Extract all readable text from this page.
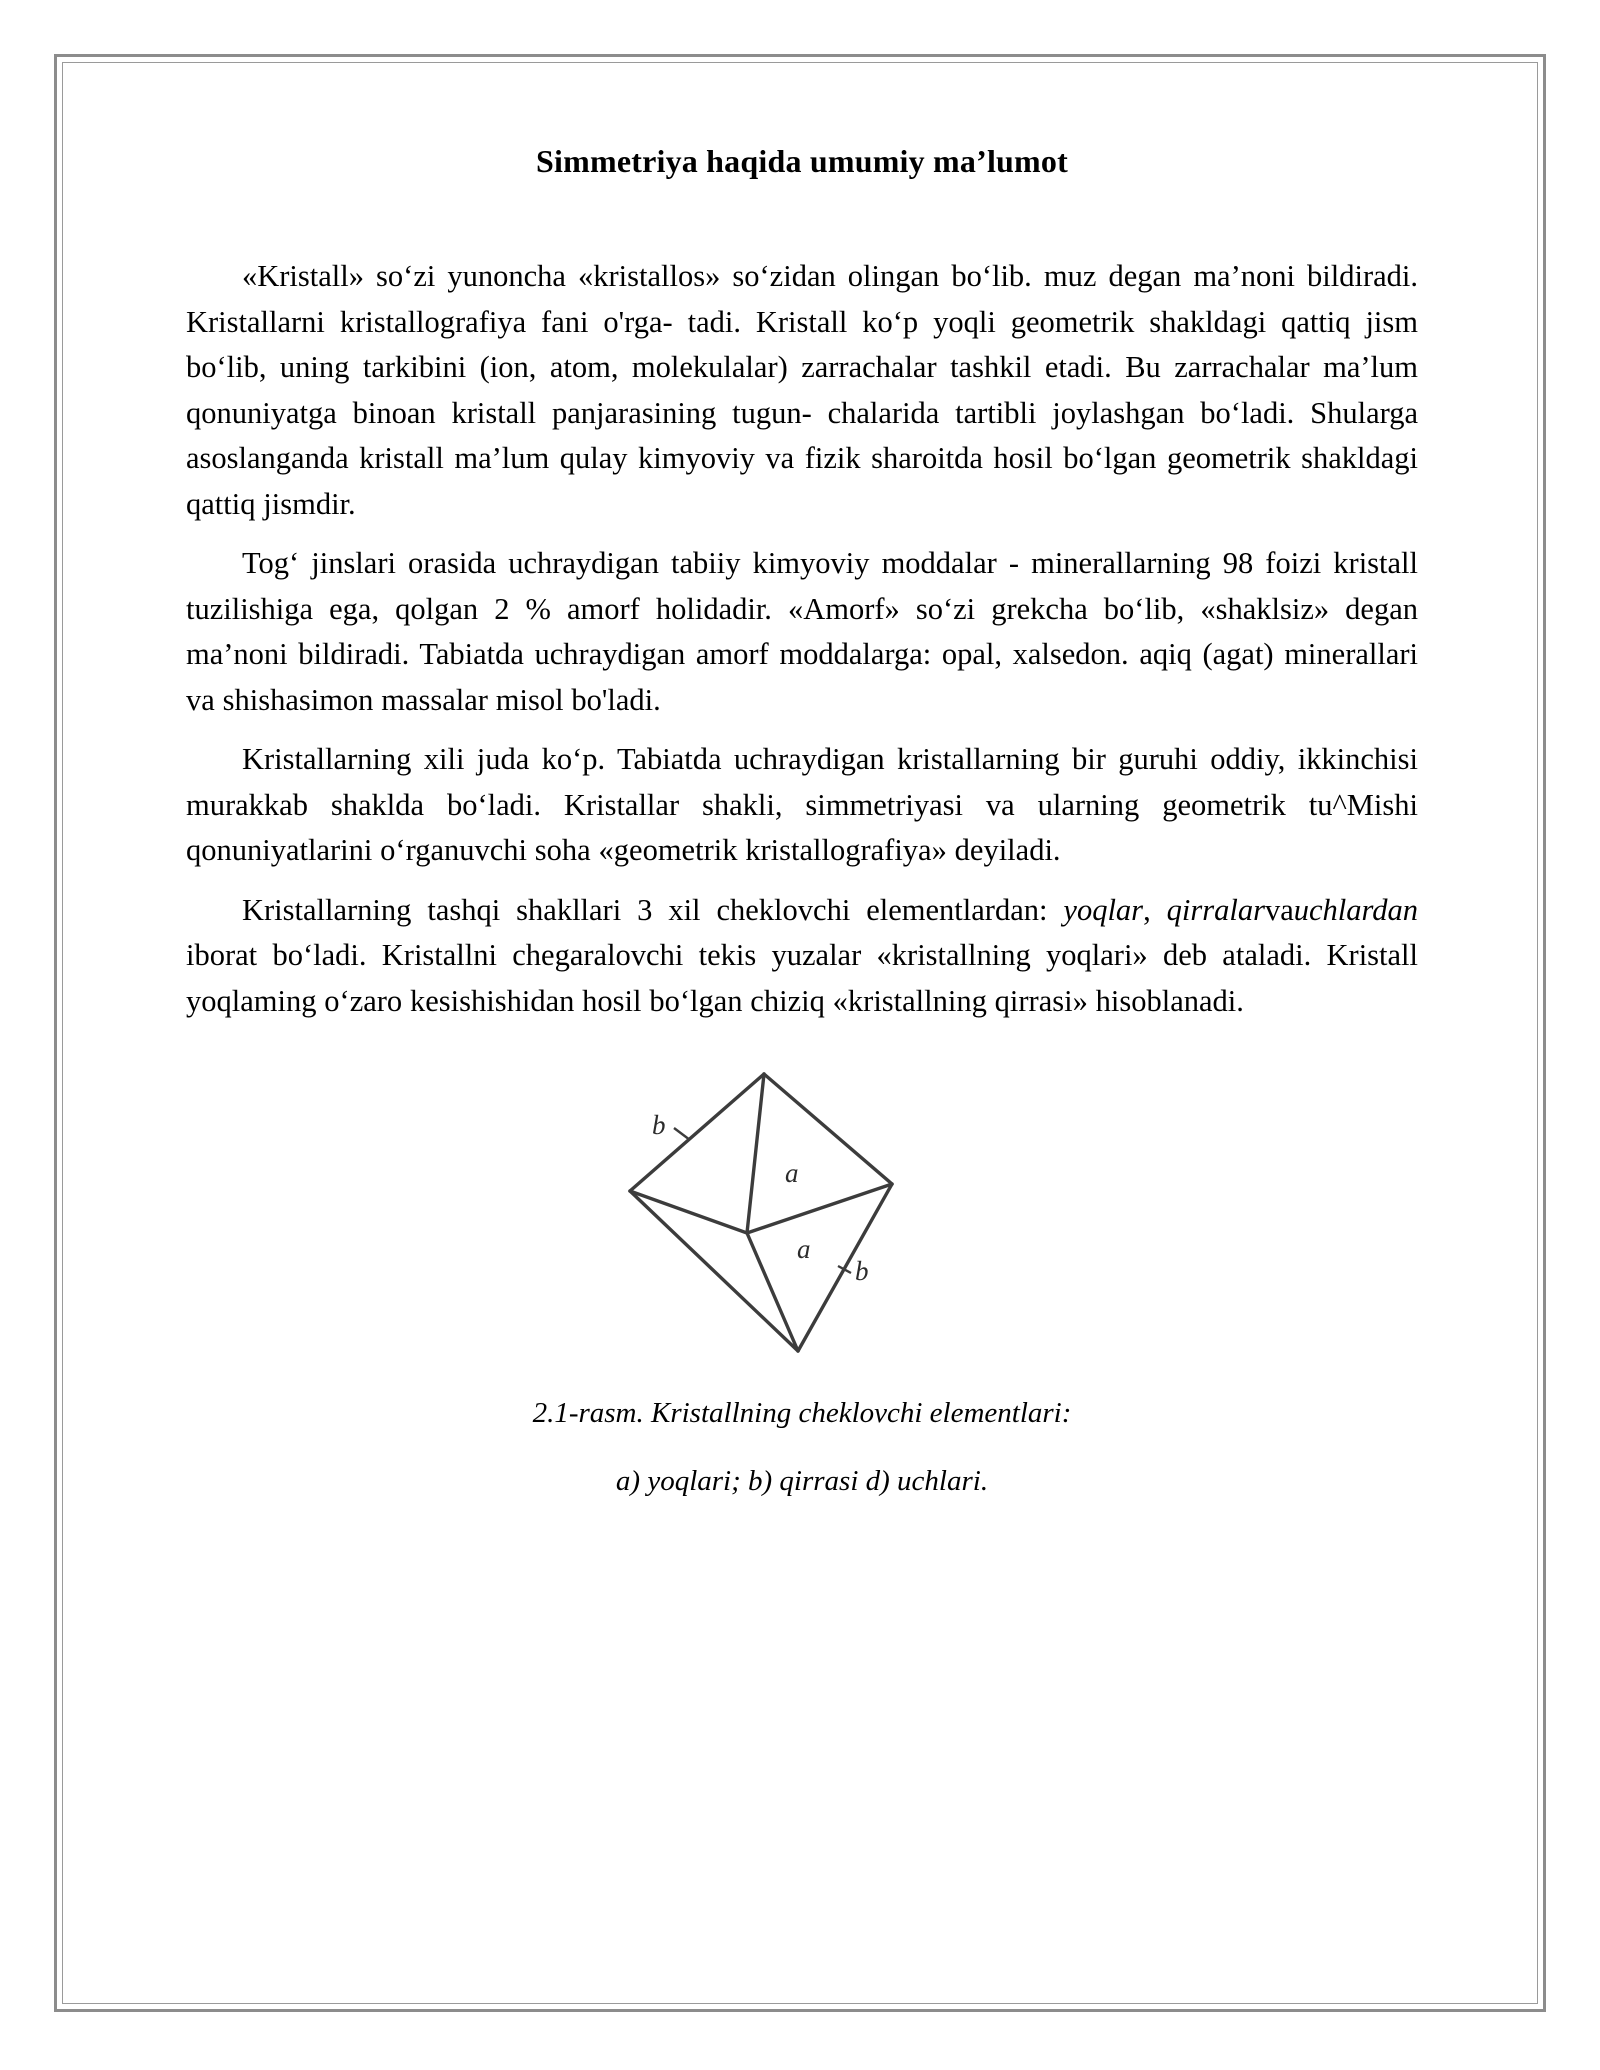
Simmetriya haqida umumiy ma’lumot

«Kristall» so‘zi yunoncha «kristallos» so‘zidan olingan bo‘lib. muz degan ma’noni bildiradi. Kristallarni kristallografiya fani o'rga- tadi. Kristall ko‘p yoqli geometrik shakldagi qattiq jism bo‘lib, uning tarkibini (ion, atom, molekulalar) zarrachalar tashkil etadi. Bu zarrachalar ma’lum qonuniyatga binoan kristall panjarasining tugun- chalarida tartibli joylashgan bo‘ladi. Shularga asoslanganda kristall ma’lum qulay kimyoviy va fizik sharoitda hosil bo‘lgan geometrik shakldagi qattiq jismdir.

Tog‘ jinslari orasida uchraydigan tabiiy kimyoviy moddalar - minerallarning 98 foizi kristall tuzilishiga ega, qolgan 2 % amorf holidadir. «Amorf» so‘zi grekcha bo‘lib, «shaklsiz» degan ma’noni bildiradi. Tabiatda uchraydigan amorf moddalarga: opal, xalsedon. aqiq (agat) minerallari va shishasimon massalar misol bo'ladi.

Kristallarning xili juda ko‘p. Tabiatda uchraydigan kristallarning bir guruhi oddiy, ikkinchisi murakkab shaklda bo‘ladi. Kristallar shakli, simmetriyasi va ularning geometrik tu^Mishi qonuniyatlarini o‘rganuvchi soha «geometrik kristallografiya» deyiladi.

Kristallarning tashqi shakllari 3 xil cheklovchi elementlardan: yoqlar, qirralarvauchlardan iborat bo‘ladi. Kristallni chegaralovchi tekis yuzalar «kristallning yoqlari» deb ataladi. Kristall yoqlaming o‘zaro kesishishidan hosil bo‘lgan chiziq «kristallning qirrasi» hisoblanadi.

b
a
a
b

2.1-rasm. Kristallning cheklovchi elementlari:

a) yoqlari; b) qirrasi d) uchlari.
